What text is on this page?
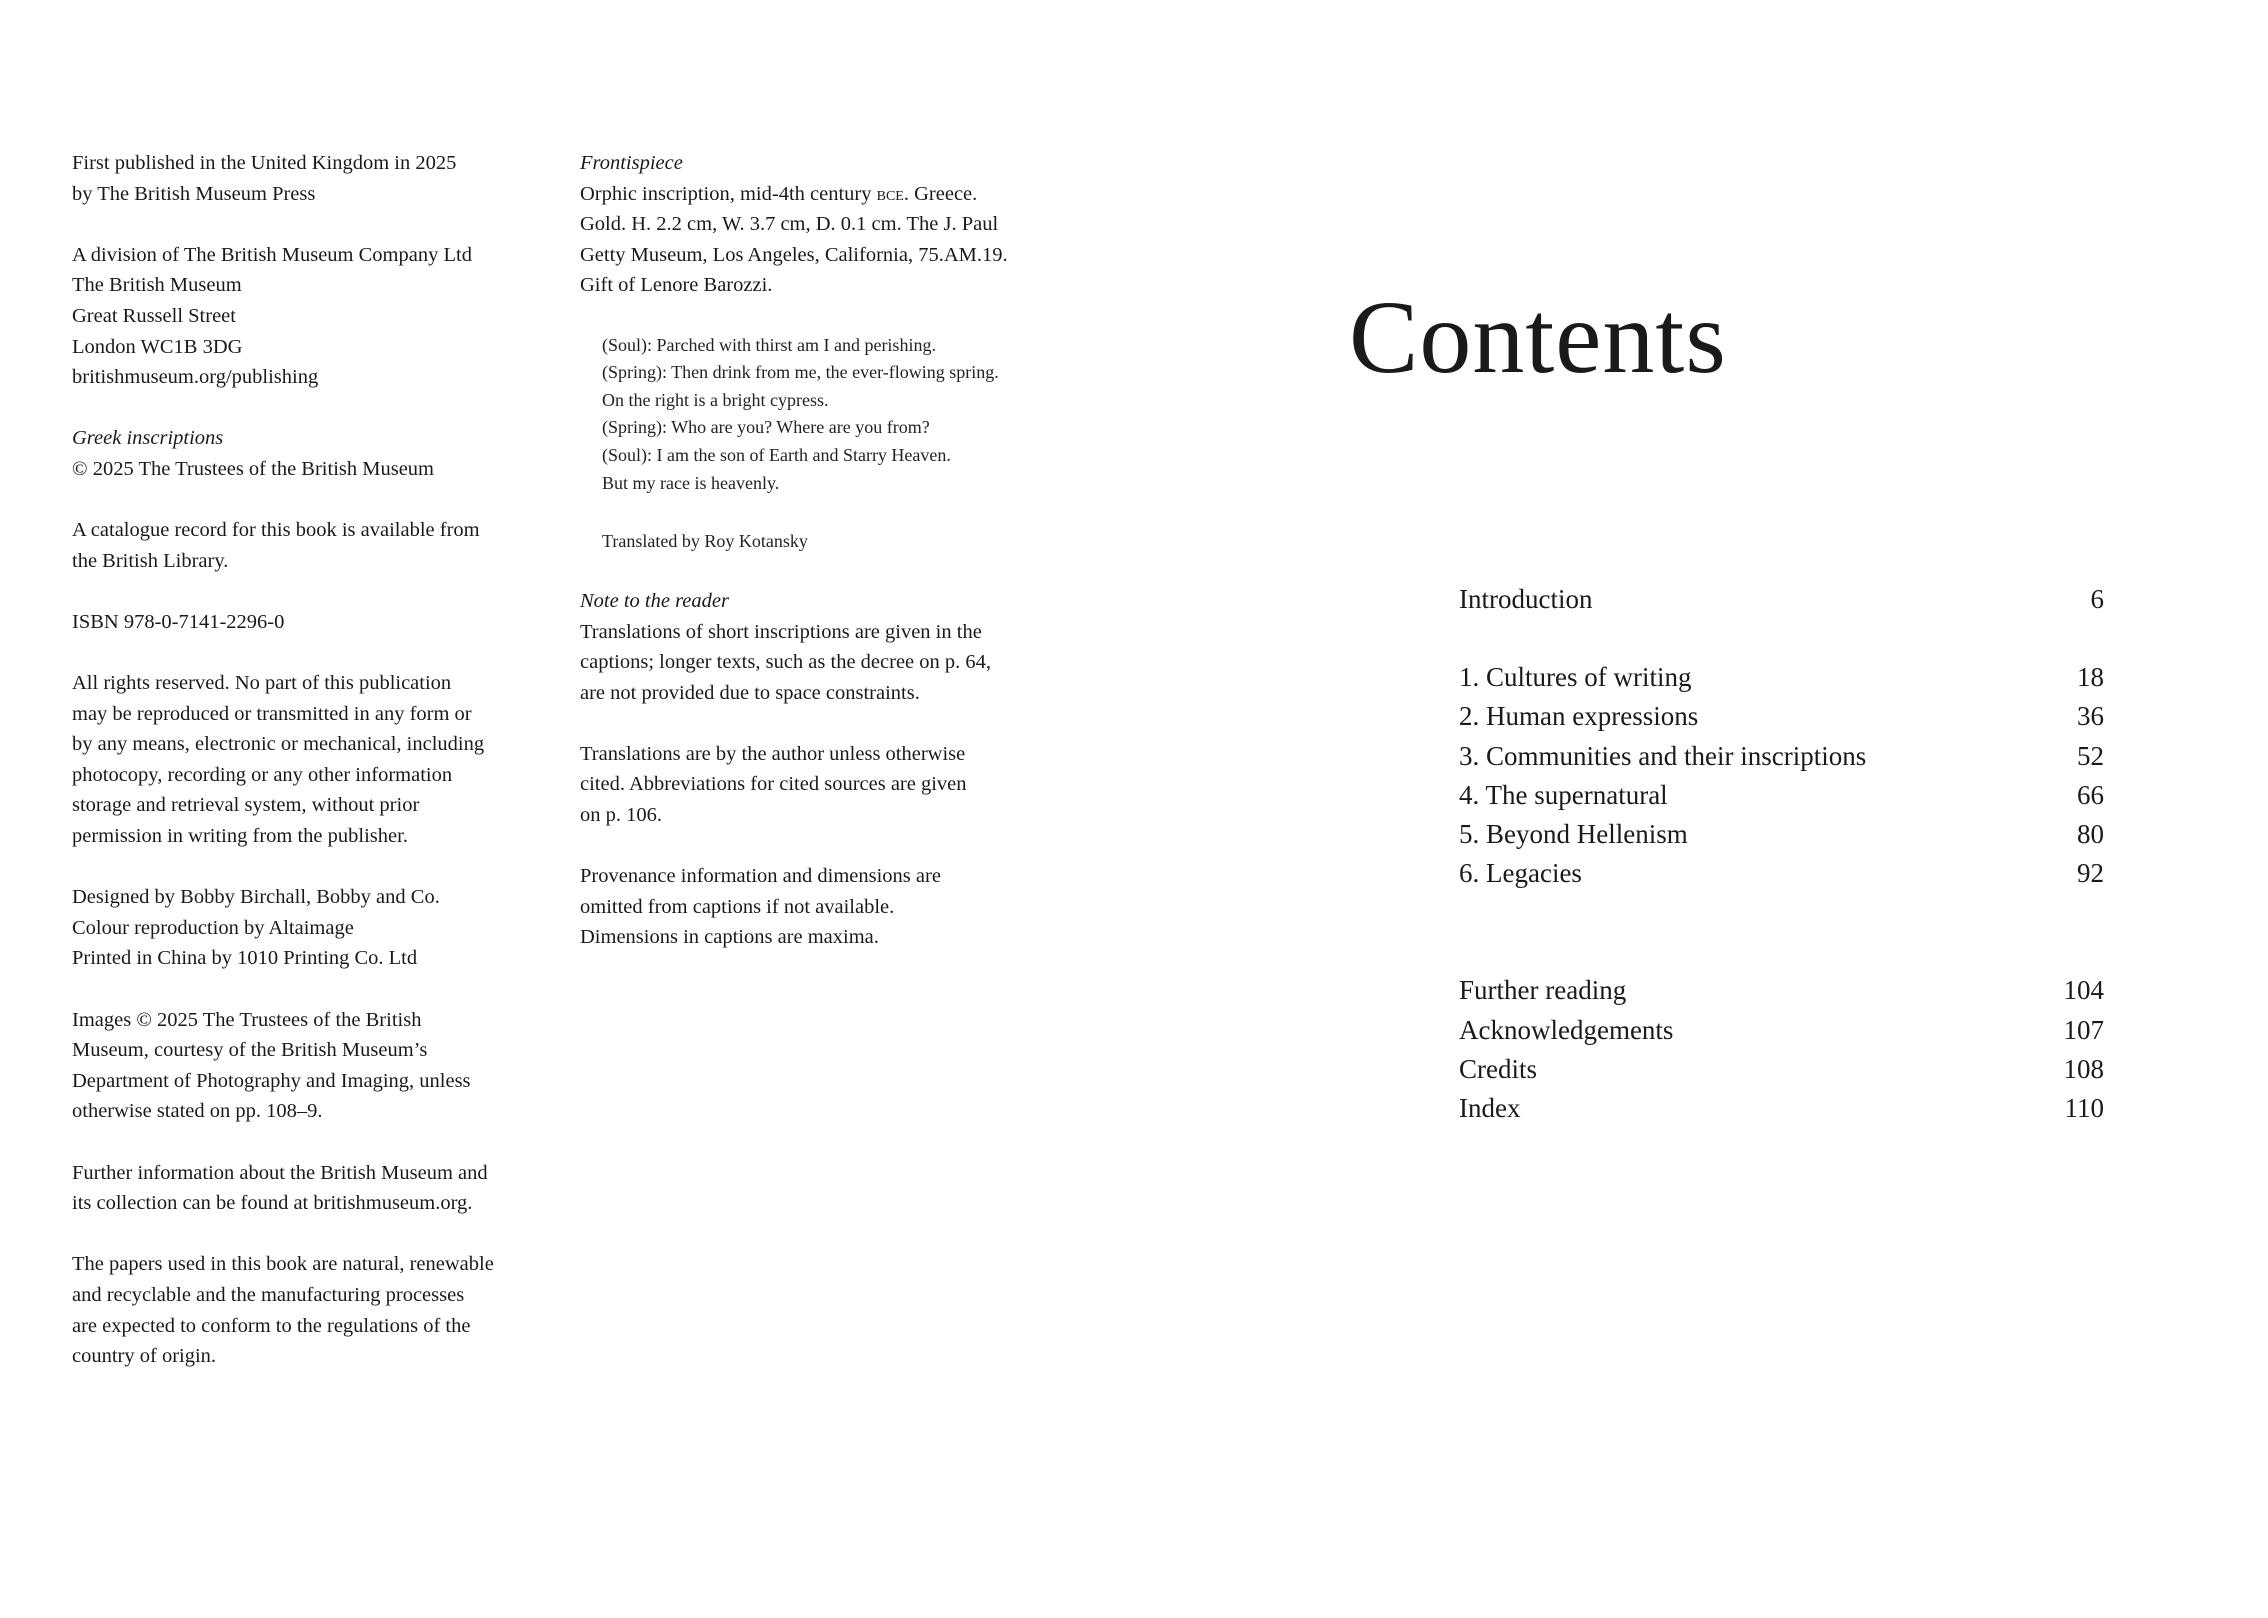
First published in the United Kingdom in 2025
by The British Museum Press
A division of The British Museum Company Ltd
The British Museum
Great Russell Street
London WC1B 3DG
britishmuseum.org/publishing
Greek inscriptions
© 2025 The Trustees of the British Museum
A catalogue record for this book is available from
the British Library.
ISBN 978-0-7141-2296-0
All rights reserved. No part of this publication
may be reproduced or transmitted in any form or
by any means, electronic or mechanical, including
photocopy, recording or any other information
storage and retrieval system, without prior
permission in writing from the publisher.
Designed by Bobby Birchall, Bobby and Co.
Colour reproduction by Altaimage
Printed in China by 1010 Printing Co. Ltd
Images © 2025 The Trustees of the British
Museum, courtesy of the British Museum’s
Department of Photography and Imaging, unless
otherwise stated on pp. 108–9.
Further information about the British Museum and
its collection can be found at britishmuseum.org.
The papers used in this book are natural, renewable
and recyclable and the manufacturing processes
are expected to conform to the regulations of the
country of origin.
Frontispiece
Orphic inscription, mid-4th century bce. Greece.
Gold. H. 2.2 cm, W. 3.7 cm, D. 0.1 cm. The J. Paul
Getty Museum, Los Angeles, California, 75.AM.19.
Gift of Lenore Barozzi.
(Soul): Parched with thirst am I and perishing.
(Spring): Then drink from me, the ever-flowing spring.
On the right is a bright cypress.
(Spring): Who are you? Where are you from?
(Soul): I am the son of Earth and Starry Heaven.
But my race is heavenly.
Translated by Roy Kotansky
Note to the reader
Translations of short inscriptions are given in the
captions; longer texts, such as the decree on p. 64,
are not provided due to space constraints.
Translations are by the author unless otherwise
cited. Abbreviations for cited sources are given
on p. 106.
Provenance information and dimensions are
omitted from captions if not available.
Dimensions in captions are maxima.
Contents
Introduction	6
1. Cultures of writing	18
2. Human expressions	36
3. Communities and their inscriptions	52
4. The supernatural	66
5. Beyond Hellenism	80
6. Legacies	92
Further reading	104
Acknowledgements	107
Credits	108
Index	110
